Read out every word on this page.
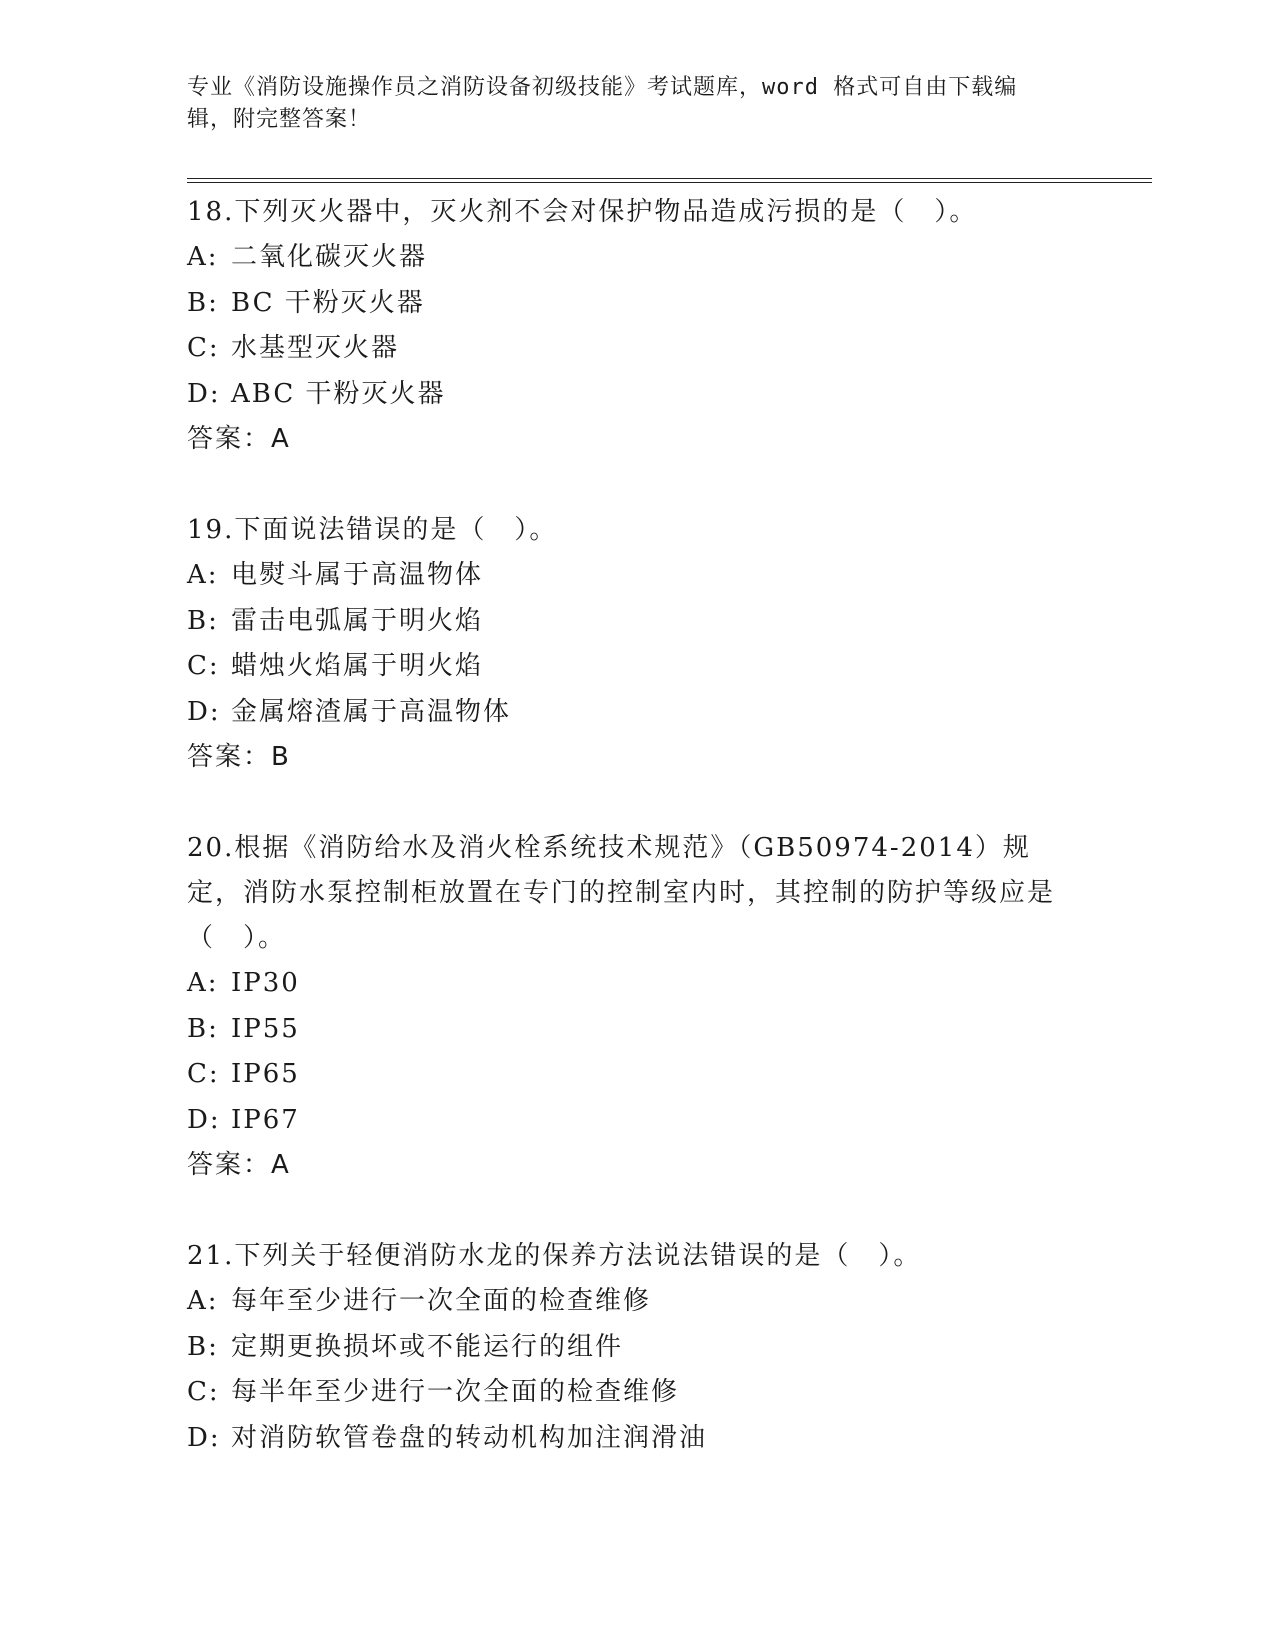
专业《消防设施操作员之消防设备初级技能》考试题库，word 格式可自由下载编
辑，附完整答案！
18.下列灭火器中，灭火剂不会对保护物品造成污损的是（　）。
A: 二氧化碳灭火器
B: BC 干粉灭火器
C: 水基型灭火器
D: ABC 干粉灭火器
答案：A
19.下面说法错误的是（　）。
A: 电熨斗属于高温物体
B: 雷击电弧属于明火焰
C: 蜡烛火焰属于明火焰
D: 金属熔渣属于高温物体
答案：B
20.根据《消防给水及消火栓系统技术规范》（GB50974-2014）规定，消防水泵控制柜放置在专门的控制室内时，其控制的防护等级应是（　）。
A: IP30
B: IP55
C: IP65
D: IP67
答案：A
21.下列关于轻便消防水龙的保养方法说法错误的是（　）。
A: 每年至少进行一次全面的检查维修
B: 定期更换损坏或不能运行的组件
C: 每半年至少进行一次全面的检查维修
D: 对消防软管卷盘的转动机构加注润滑油
